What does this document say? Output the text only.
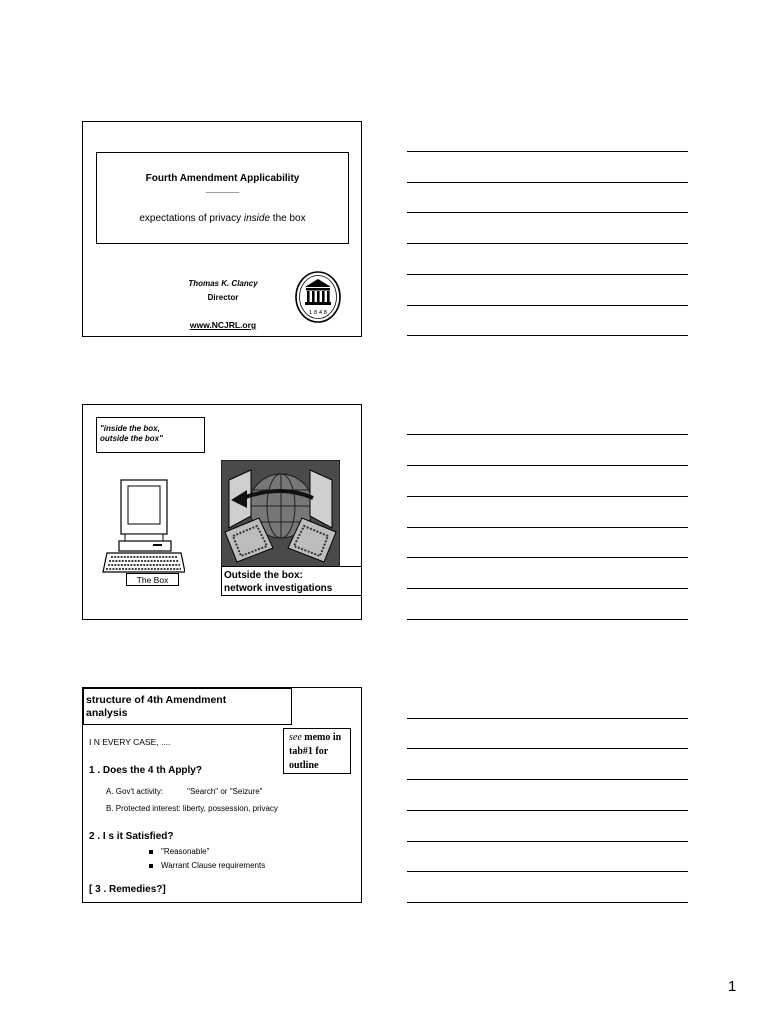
Fourth Amendment Applicability
______
expectations of privacy inside the box
Thomas K. Clancy
Director
www.NCJRL.org
1 8 4 8
"inside the box,
outside the box"
The Box	Outside the box:
network investigations
structure of 4th Amendment
analysis
see memo in
tab#1 for
outline
I N EVERY CASE, ....
1 . Does the 4 th Apply?
A. Gov't activity:	"Search" or "Seizure"
B. Protected interest: liberty, possession, privacy
2 . I s it Satisfied?
"Reasonable"
Warrant Clause requirements
[ 3 . Remedies?]
1
